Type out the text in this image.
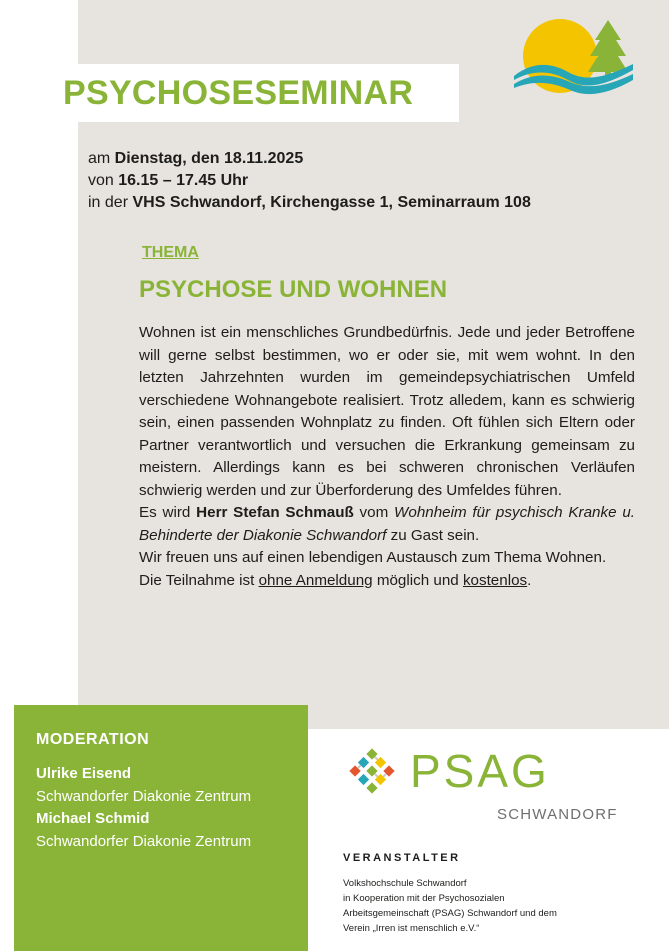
PSYCHOSESEMINAR
am Dienstag, den 18.11.2025
von 16.15 – 17.45 Uhr
in der VHS Schwandorf, Kirchengasse 1, Seminarraum 108
THEMA
PSYCHOSE UND WOHNEN

Wohnen ist ein menschliches Grundbedürfnis. Jede und jeder Betroffene will gerne selbst bestimmen, wo er oder sie, mit wem wohnt. In den letzten Jahrzehnten wurden im gemeindepsychiatrischen Umfeld verschiedene Wohnangebote realisiert. Trotz alledem, kann es schwierig sein, einen passenden Wohnplatz zu finden. Oft fühlen sich Eltern oder Partner verantwortlich und versuchen die Erkrankung gemeinsam zu meistern. Allerdings kann es bei schweren chronischen Verläufen schwierig werden und zur Überforderung des Umfeldes führen.

Es wird Herr Stefan Schmauß vom Wohnheim für psychisch Kranke u. Behinderte der Diakonie Schwandorf zu Gast sein.

Wir freuen uns auf einen lebendigen Austausch zum Thema Wohnen.

Die Teilnahme ist ohne Anmeldung möglich und kostenlos.

MODERATION
Ulrike Eisend
Schwandorfer Diakonie Zentrum
Michael Schmid
Schwandorfer Diakonie Zentrum
PSAG
SCHWANDORF
VERANSTALTER
Volkshochschule Schwandorf
in Kooperation mit der Psychosozialen
Arbeitsgemeinschaft (PSAG) Schwandorf und dem
Verein „Irren ist menschlich e.V.“
